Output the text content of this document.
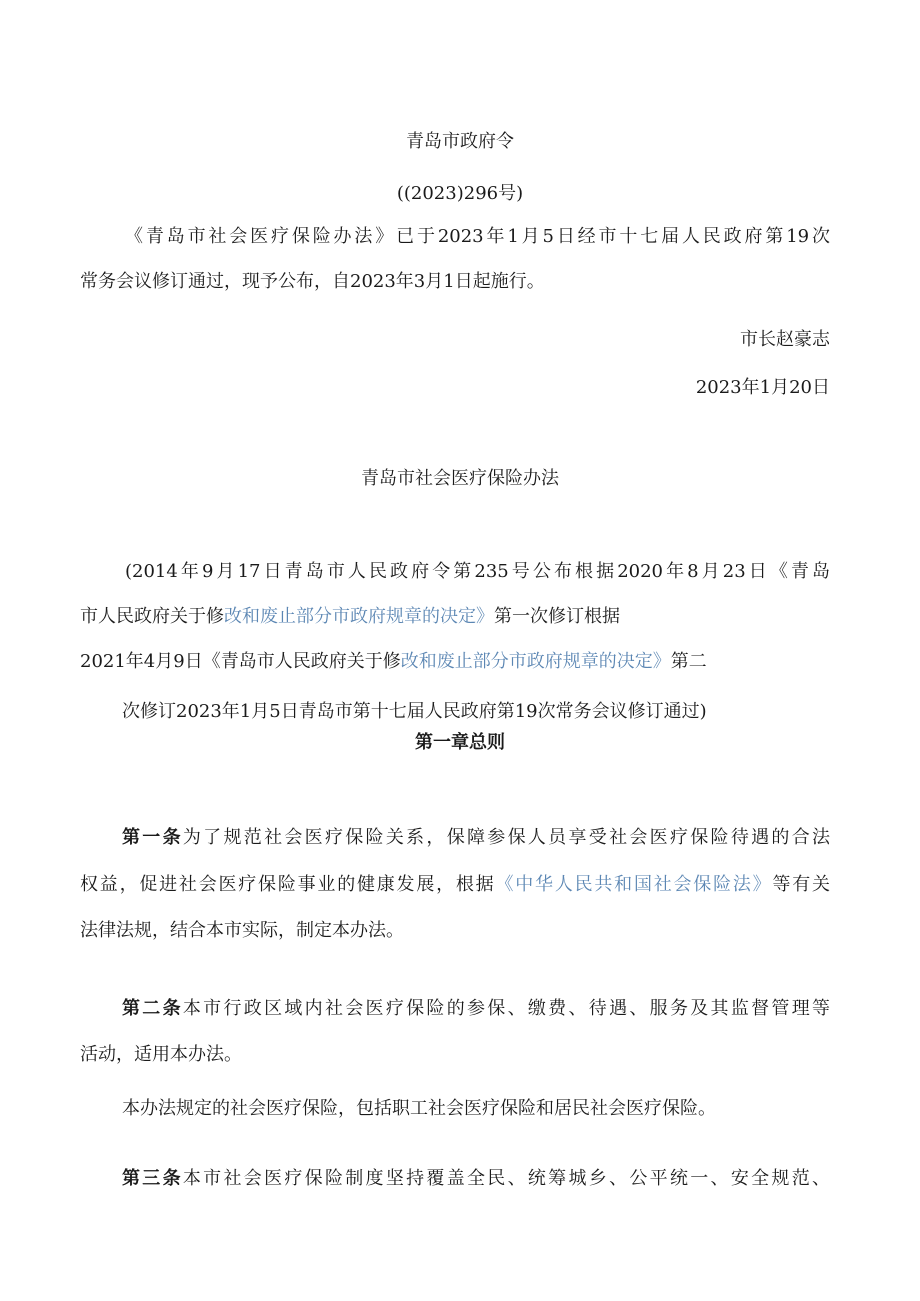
青岛市政府令
((2023)296号)
《青岛市社会医疗保险办法》已于2023年1月5日经市十七届人民政府第19次
常务会议修订通过，现予公布，自2023年3月1日起施行。
市长赵豪志
2023年1月20日
青岛市社会医疗保险办法
(2014年9月17日青岛市人民政府令第235号公布根据2020年8月23日《青岛
市人民政府关于修改和废止部分市政府规章的决定》第一次修订根据
2021年4月9日《青岛市人民政府关于修改和废止部分市政府规章的决定》第二
次修订2023年1月5日青岛市第十七届人民政府第19次常务会议修订通过)
第一章总则
第一条为了规范社会医疗保险关系，保障参保人员享受社会医疗保险待遇的合法
权益，促进社会医疗保险事业的健康发展，根据《中华人民共和国社会保险法》等有关
法律法规，结合本市实际，制定本办法。
第二条本市行政区域内社会医疗保险的参保、缴费、待遇、服务及其监督管理等
活动，适用本办法。
本办法规定的社会医疗保险，包括职工社会医疗保险和居民社会医疗保险。
第三条本市社会医疗保险制度坚持覆盖全民、统筹城乡、公平统一、安全规范、
